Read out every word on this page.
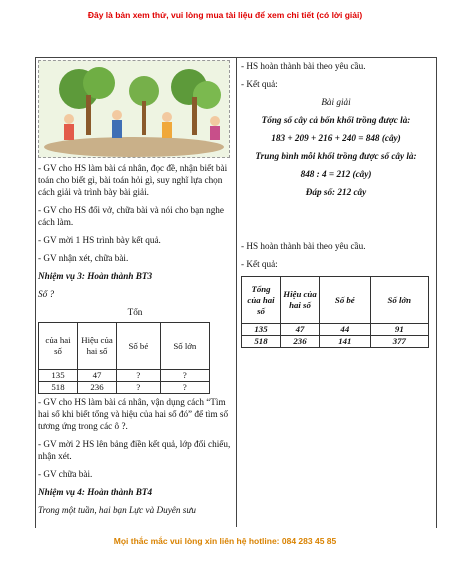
Đây là bản xem thử, vui lòng mua tài liệu để xem chi tiết (có lời giải)

- GV cho HS làm bài cá nhân, đọc đề, nhận biết bài toán cho biết gì, bài toán hỏi gì, suy nghĩ lựa chọn cách giải và trình bày bài giải.

- GV cho HS đổi vở, chữa bài và nói cho bạn nghe cách làm.

- GV mời 1 HS trình bày kết quả.

- GV nhận xét, chữa bài.

Nhiệm vụ 3: Hoàn thành BT3

Số ?

Tổn
của hai số	Hiệu của hai số	Số bé	Số lớn
135	47	?	?
518	236	?	?

- GV cho HS làm bài cá nhân, vận dụng cách “Tìm hai số khi biết tổng và hiệu của hai số đó” để tìm số tương ứng trong các ô ?.

- GV mời 2 HS lên bảng điền kết quả, lớp đối chiếu, nhận xét.

- GV chữa bài.

Nhiệm vụ 4: Hoàn thành BT4

Trong một tuần, hai bạn Lực và Duyên sưu

- HS hoàn thành bài theo yêu cầu.

- Kết quả:

Bài giải

Tổng số cây cả bốn khối trồng được là:

183 + 209 + 216 + 240 = 848 (cây)

Trung bình mỗi khối trồng được số cây là:

848 : 4 = 212 (cây)

Đáp số: 212 cây

- HS hoàn thành bài theo yêu cầu.

- Kết quả:

Tổng của hai số	Hiệu của hai số	Số bé	Số lớn
135	47	44	91
518	236	141	377
Mọi thắc mắc vui lòng xin liên hệ hotline: 084 283 45 85
